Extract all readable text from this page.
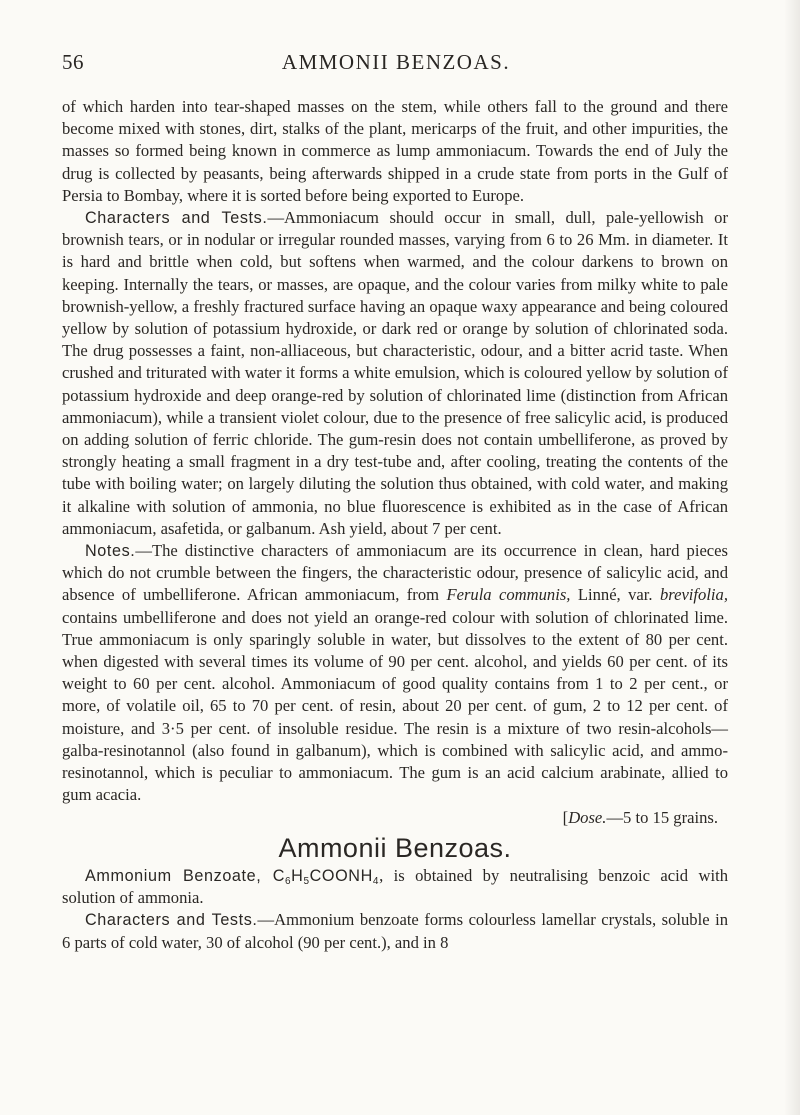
56	AMMONII BENZOAS.

of which harden into tear-shaped masses on the stem, while others fall to the ground and there become mixed with stones, dirt, stalks of the plant, mericarps of the fruit, and other impurities, the masses so formed being known in commerce as lump ammoniacum. Towards the end of July the drug is collected by peasants, being afterwards shipped in a crude state from ports in the Gulf of Persia to Bombay, where it is sorted before being exported to Europe.

Characters and Tests.—Ammoniacum should occur in small, dull, pale-yellowish or brownish tears, or in nodular or irregular rounded masses, varying from 6 to 26 Mm. in diameter. It is hard and brittle when cold, but softens when warmed, and the colour darkens to brown on keeping. Internally the tears, or masses, are opaque, and the colour varies from milky white to pale brownish-yellow, a freshly fractured surface having an opaque waxy appearance and being coloured yellow by solution of potassium hydroxide, or dark red or orange by solution of chlorinated soda. The drug possesses a faint, non-alliaceous, but characteristic, odour, and a bitter acrid taste. When crushed and triturated with water it forms a white emulsion, which is coloured yellow by solution of potassium hydroxide and deep orange-red by solution of chlorinated lime (distinction from African ammoniacum), while a transient violet colour, due to the presence of free salicylic acid, is produced on adding solution of ferric chloride. The gum-resin does not contain umbelliferone, as proved by strongly heating a small fragment in a dry test-tube and, after cooling, treating the contents of the tube with boiling water; on largely diluting the solution thus obtained, with cold water, and making it alkaline with solution of ammonia, no blue fluorescence is exhibited as in the case of African ammoniacum, asafetida, or galbanum. Ash yield, about 7 per cent.

Notes.—The distinctive characters of ammoniacum are its occurrence in clean, hard pieces which do not crumble between the fingers, the characteristic odour, presence of salicylic acid, and absence of umbelliferone. African ammoniacum, from Ferula communis, Linné, var. brevifolia, contains umbelliferone and does not yield an orange-red colour with solution of chlorinated lime. True ammoniacum is only sparingly soluble in water, but dissolves to the extent of 80 per cent. when digested with several times its volume of 90 per cent. alcohol, and yields 60 per cent. of its weight to 60 per cent. alcohol. Ammoniacum of good quality contains from 1 to 2 per cent., or more, of volatile oil, 65 to 70 per cent. of resin, about 20 per cent. of gum, 2 to 12 per cent. of moisture, and 3·5 per cent. of insoluble residue. The resin is a mixture of two resin-alcohols—galba-resinotannol (also found in galbanum), which is combined with salicylic acid, and ammo-resinotannol, which is peculiar to ammoniacum. The gum is an acid calcium arabinate, allied to gum acacia.

[Dose.—5 to 15 grains.

Ammonii Benzoas.

Ammonium Benzoate, $C_6H_5COONH_4$, is obtained by neutralising benzoic acid with solution of ammonia.

Characters and Tests.—Ammonium benzoate forms colourless lamellar crystals, soluble in 6 parts of cold water, 30 of alcohol (90 per cent.), and in 8
